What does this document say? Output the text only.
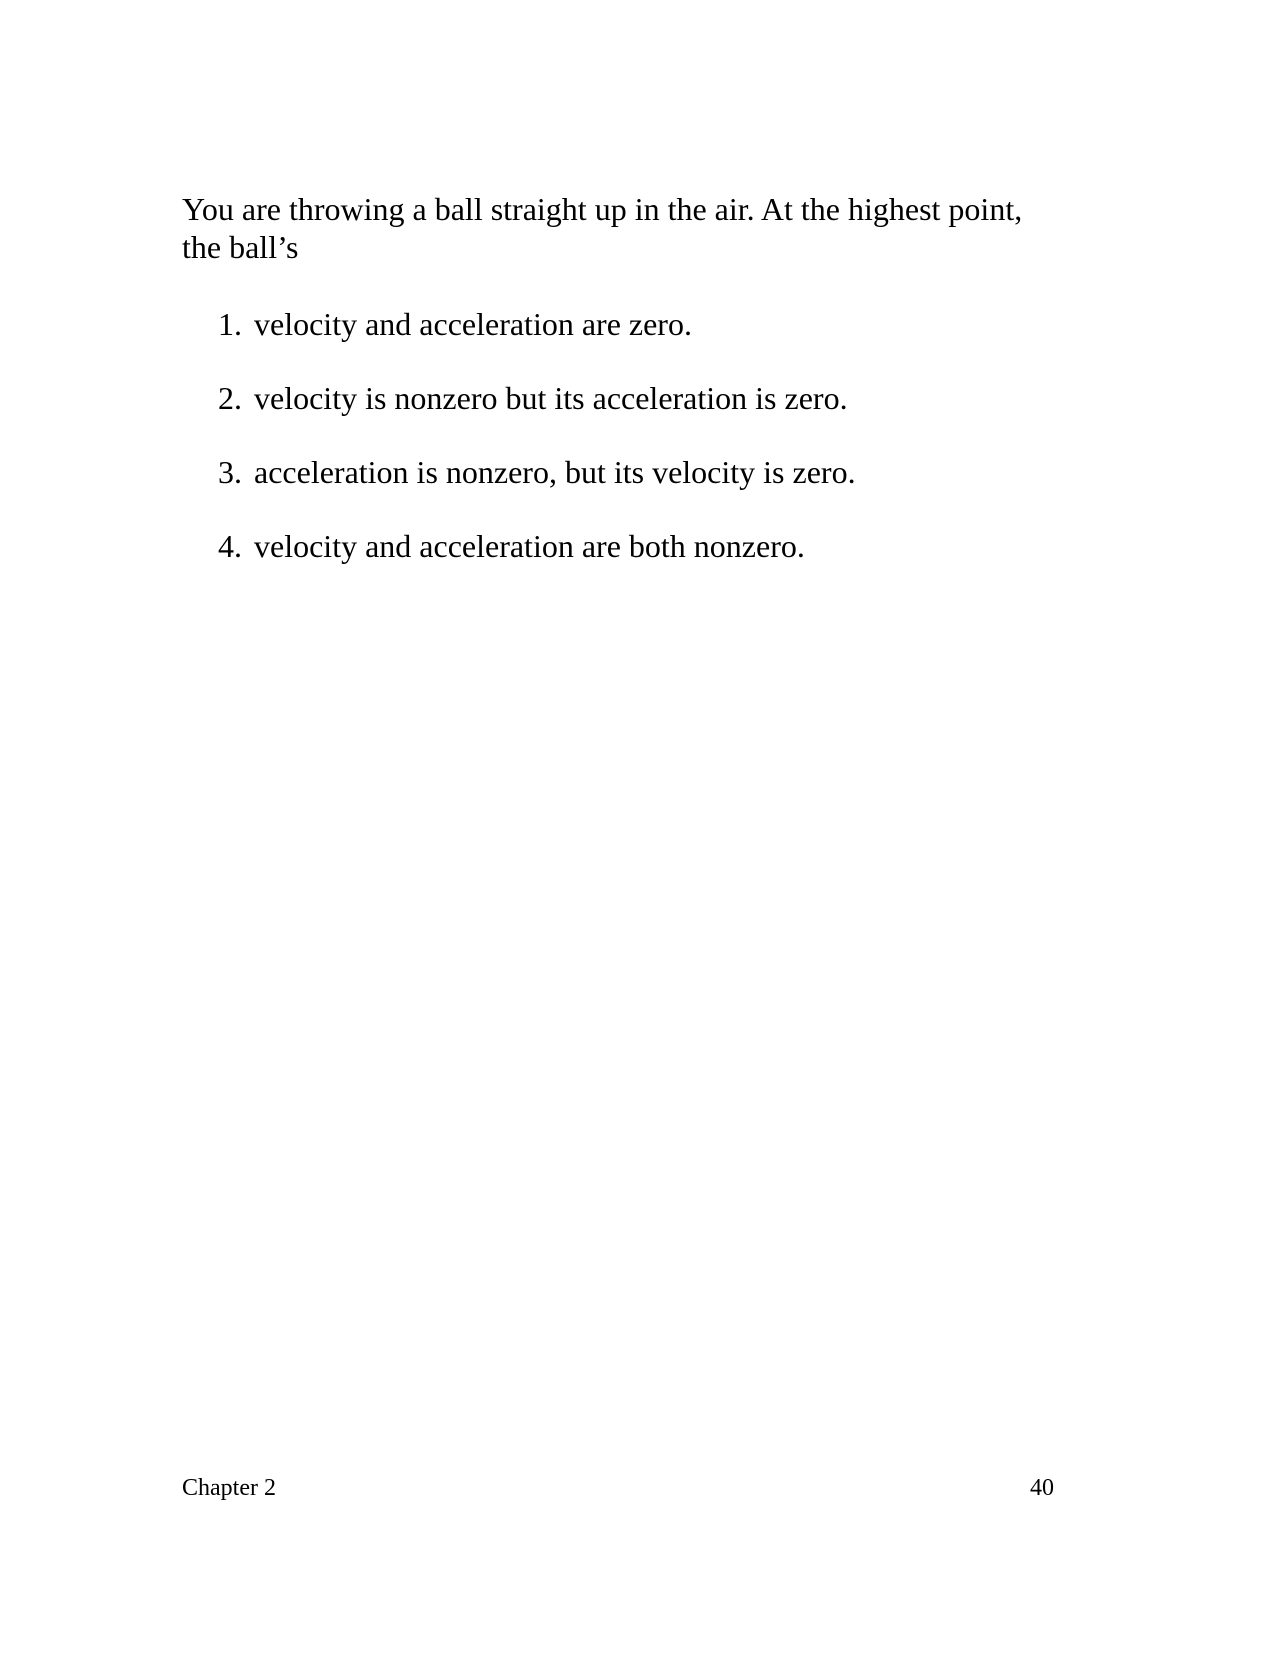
You are throwing a ball straight up in the air. At the highest point, the ball’s

1. velocity and acceleration are zero.
2. velocity is nonzero but its acceleration is zero.
3. acceleration is nonzero, but its velocity is zero.
4. velocity and acceleration are both nonzero.
Chapter 2	40
